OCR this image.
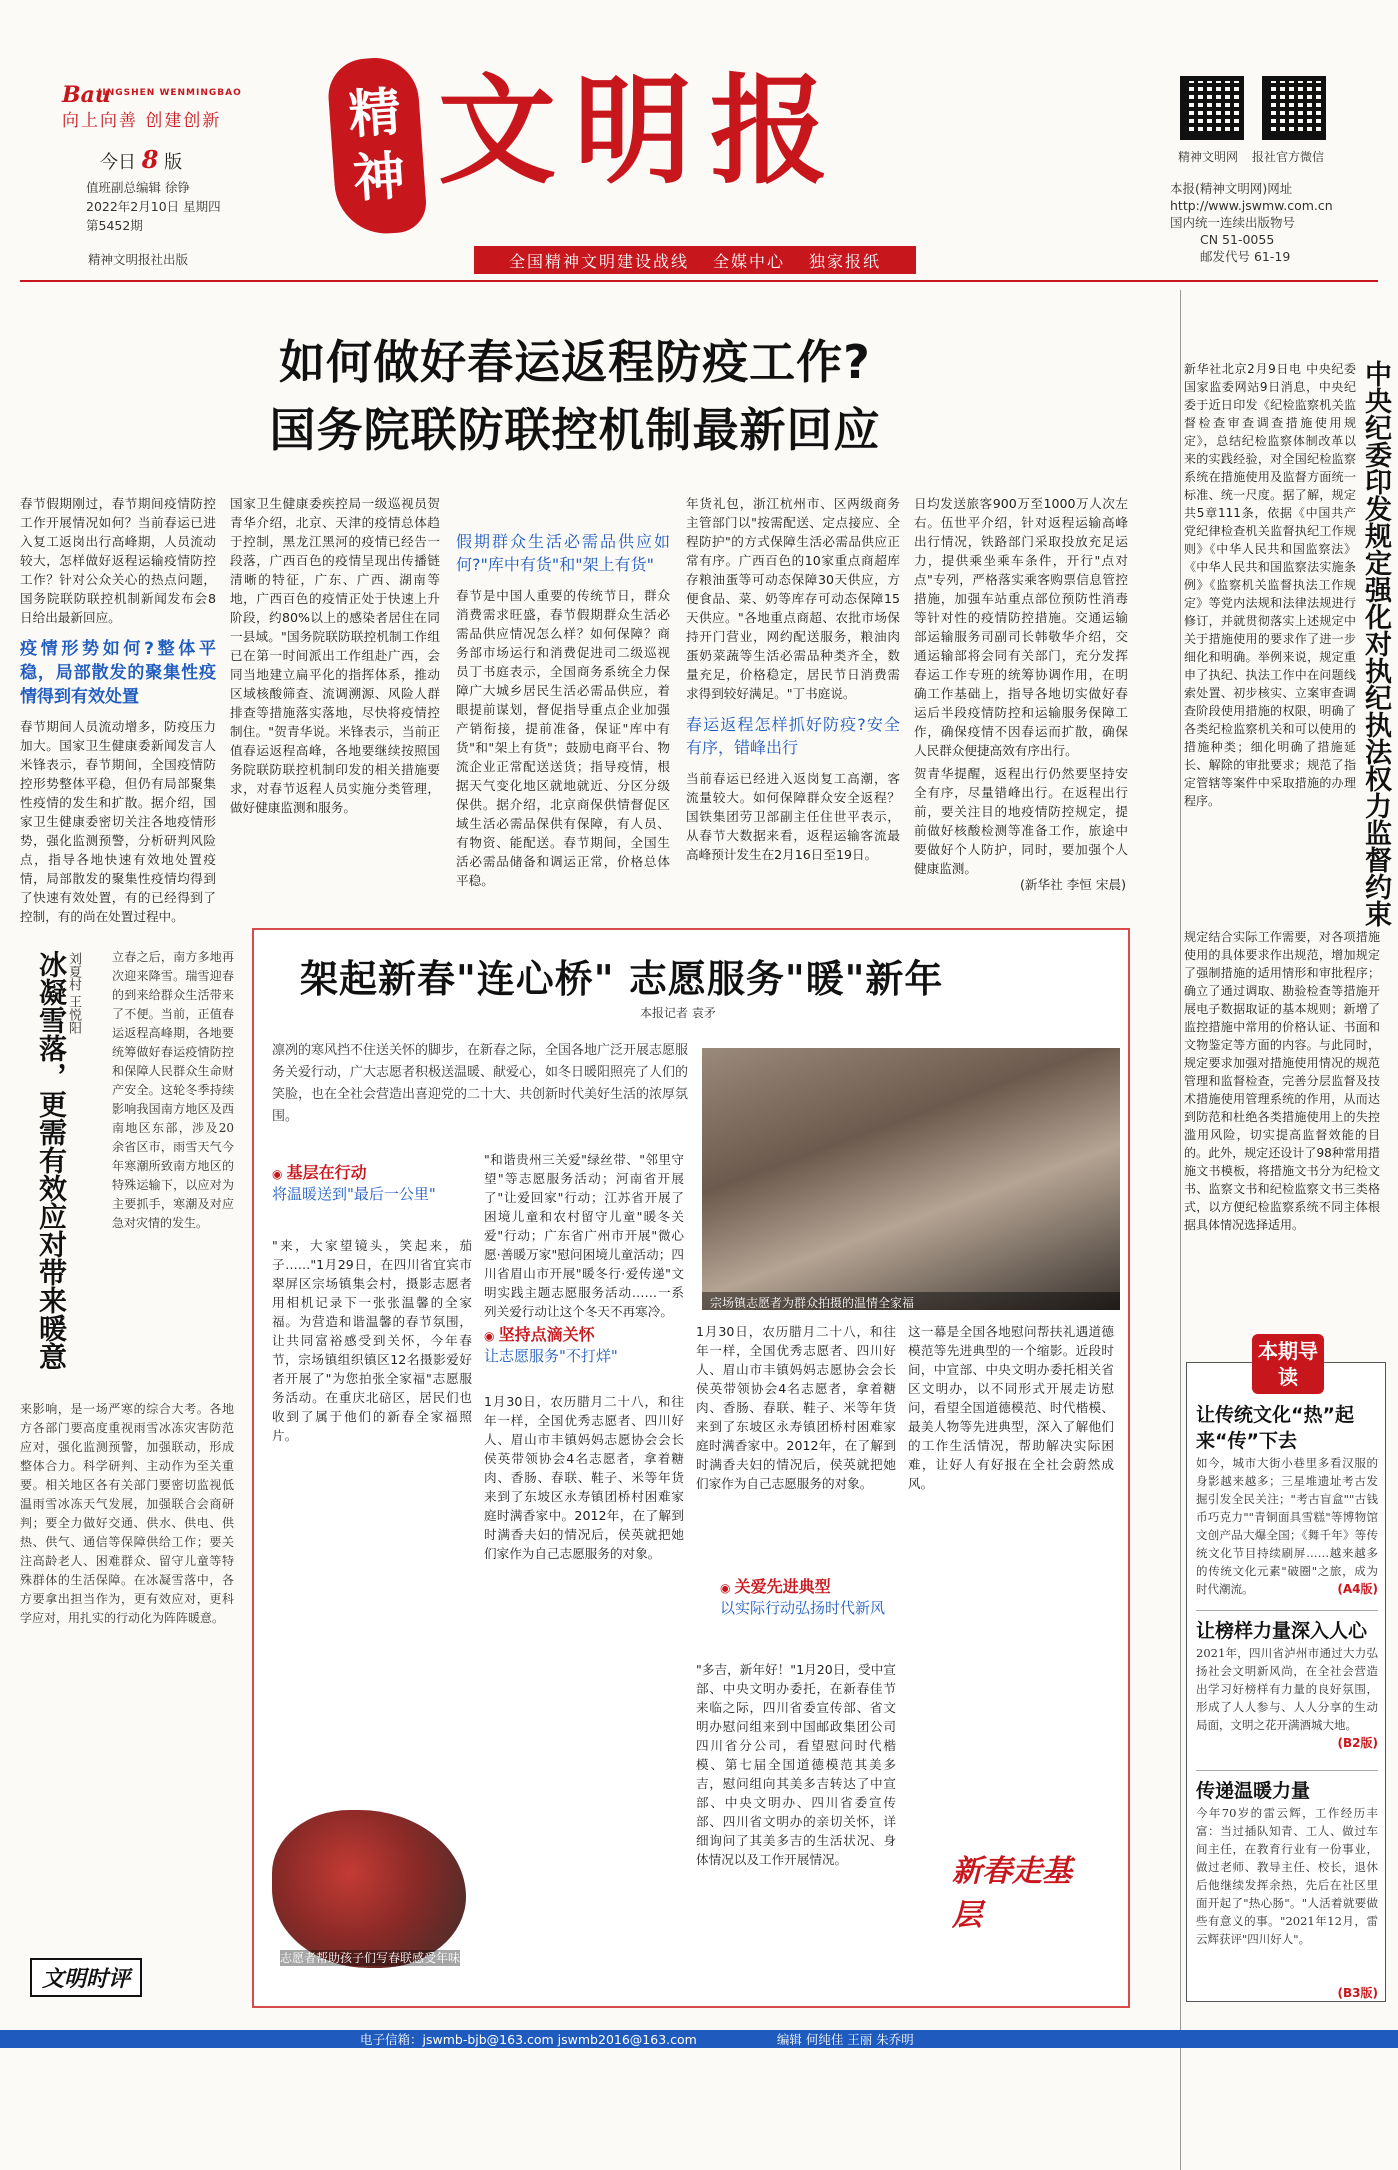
Bau
JINGSHEN WENMINGBAO
向上向善 创建创新
今日 8 版
值班副总编辑 徐铮
2022年2月10日 星期四
第5452期
精神文明报社出版
精
神 文明报
全国精神文明建设战线 全媒中心 独家报纸
精神文明网 报社官方微信
本报(精神文明网)网址
http://www.jswmw.com.cn
国内统一连续出版物号
CN 51-0055
邮发代号 61-19
如何做好春运返程防疫工作?
国务院联防联控机制最新回应

春节假期刚过，春节期间疫情防控工作开展情况如何？当前春运已进入复工返岗出行高峰期，人员流动较大，怎样做好返程运输疫情防控工作？针对公众关心的热点问题，国务院联防联控机制新闻发布会8日给出最新回应。

疫情形势如何?整体平稳，局部散发的聚集性疫情得到有效处置

春节期间人员流动增多，防疫压力加大。国家卫生健康委新闻发言人米锋表示，春节期间，全国疫情防控形势整体平稳，但仍有局部聚集性疫情的发生和扩散。据介绍，国家卫生健康委密切关注各地疫情形势，强化监测预警，分析研判风险点，指导各地快速有效地处置疫情，局部散发的聚集性疫情均得到了快速有效处置，有的已经得到了控制，有的尚在处置过程中。

国家卫生健康委疾控局一级巡视员贺青华介绍，北京、天津的疫情总体趋于控制，黑龙江黑河的疫情已经告一段落，广西百色的疫情呈现出传播链清晰的特征，广东、广西、湖南等地，广西百色的疫情正处于快速上升阶段，约80%以上的感染者居住在同一县域。"国务院联防联控机制工作组已在第一时间派出工作组赴广西，会同当地建立扁平化的指挥体系，推动区域核酸筛查、流调溯源、风险人群排查等措施落实落地，尽快将疫情控制住。"贺青华说。米锋表示，当前正值春运返程高峰，各地要继续按照国务院联防联控机制印发的相关措施要求，对春节返程人员实施分类管理，做好健康监测和服务。

假期群众生活必需品供应如何?"库中有货"和"架上有货"

春节是中国人重要的传统节日，群众消费需求旺盛，春节假期群众生活必需品供应情况怎么样？如何保障？商务部市场运行和消费促进司二级巡视员丁书庭表示，全国商务系统全力保障广大城乡居民生活必需品供应，着眼提前谋划，督促指导重点企业加强产销衔接，提前准备，保证"库中有货"和"架上有货"；鼓励电商平台、物流企业正常配送送货；指导疫情，根据天气变化地区就地就近、分区分级保供。据介绍，北京商保供情督促区域生活必需品保供有保障，有人员、有物资、能配送。春节期间，全国生活必需品储备和调运正常，价格总体平稳。

年货礼包，浙江杭州市、区两级商务主管部门以"按需配送、定点接应、全程防护"的方式保障生活必需品供应正常有序。广西百色的10家重点商超库存粮油蛋等可动态保障30天供应，方便食品、菜、奶等库存可动态保障15天供应。"各地重点商超、农批市场保持开门营业，网约配送服务，粮油肉蛋奶菜蔬等生活必需品种类齐全，数量充足，价格稳定，居民节日消费需求得到较好满足。"丁书庭说。

春运返程怎样抓好防疫?安全有序，错峰出行

当前春运已经进入返岗复工高潮，客流量较大。如何保障群众安全返程？国铁集团劳卫部副主任住世平表示，从春节大数据来看，返程运输客流最高峰预计发生在2月16日至19日。

日均发送旅客900万至1000万人次左右。伍世平介绍，针对返程运输高峰出行情况，铁路部门采取投放充足运力，提供乘坐乘车条件，开行"点对点"专列，严格落实乘客购票信息管控措施，加强车站重点部位预防性消毒等针对性的疫情防控措施。交通运输部运输服务司副司长韩敬华介绍，交通运输部将会同有关部门，充分发挥春运工作专班的统筹协调作用，在明确工作基础上，指导各地切实做好春运后半段疫情防控和运输服务保障工作，确保疫情不因春运而扩散，确保人民群众便捷高效有序出行。

贺青华提醒，返程出行仍然要坚持安全有序，尽量错峰出行。在返程出行前，要关注目的地疫情防控规定，提前做好核酸检测等准备工作，旅途中要做好个人防护，同时，要加强个人健康监测。

(新华社 李恒 宋晨)	中央纪委印发规定强化对执纪执法权力监督约束
新华社北京2月9日电 中央纪委国家监委网站9日消息，中央纪委于近日印发《纪检监察机关监督检查审查调查措施使用规定》，总结纪检监察体制改革以来的实践经验，对全国纪检监察系统在措施使用及监督方面统一标准、统一尺度。据了解，规定共5章111条，依据《中国共产党纪律检查机关监督执纪工作规则》《中华人民共和国监察法》《中华人民共和国监察法实施条例》《监察机关监督执法工作规定》等党内法规和法律法规进行修订，并就贯彻落实上述规定中关于措施使用的要求作了进一步细化和明确。举例来说，规定重申了执纪、执法工作中在问题线索处置、初步核实、立案审查调查阶段使用措施的权限，明确了各类纪检监察机关和可以使用的措施种类；细化明确了措施延长、解除的审批要求；规范了指定管辖等案件中采取措施的办理程序。
规定结合实际工作需要，对各项措施使用的具体要求作出规范，增加规定了强制措施的适用情形和审批程序；确立了通过调取、勘验检查等措施开展电子数据取证的基本规则；新增了监控措施中常用的价格认证、书面和文物鉴定等方面的内容。与此同时，规定要求加强对措施使用情况的规范管理和监督检查，完善分层监督及技术措施使用管理系统的作用，从而达到防范和杜绝各类措施使用上的失控滥用风险，切实提高监督效能的目的。此外，规定还设计了98种常用措施文书模板，将措施文书分为纪检文书、监察文书和纪检监察文书三类格式，以方便纪检监察系统不同主体根据具体情况选择适用。
冰凝雪落，更需有效应对带来暖意
刘夏村 王悦阳	立春之后，南方多地再次迎来降雪。瑞雪迎春的到来给群众生活带来了不便。当前，正值春运返程高峰期，各地要统筹做好春运疫情防控和保障人民群众生命财产安全。这轮冬季持续影响我国南方地区及西南地区东部，涉及20余省区市，雨雪天气今年寒潮所致南方地区的特殊运输下，以应对为主要抓手，寒潮及对应急对灾情的发生。
来影响，是一场严寒的综合大考。各地方各部门要高度重视雨雪冰冻灾害防范应对，强化监测预警，加强联动，形成整体合力。科学研判、主动作为至关重要。相关地区各有关部门要密切监视低温雨雪冰冻天气发展，加强联合会商研判；要全力做好交通、供水、供电、供热、供气、通信等保障供给工作；要关注高龄老人、困难群众、留守儿童等特殊群体的生活保障。在冰凝雪落中，各方要拿出担当作为，更有效应对，更科学应对，用扎实的行动化为阵阵暖意。
文明时评
架起新春"连心桥" 志愿服务"暖"新年
本报记者 袁矛
凛冽的寒风挡不住送关怀的脚步，在新春之际，全国各地广泛开展志愿服务关爱行动，广大志愿者积极送温暖、献爱心，如冬日暖阳照亮了人们的笑脸，也在全社会营造出喜迎党的二十大、共创新时代美好生活的浓厚氛围。
宗场镇志愿者为群众拍摄的温情全家福
◉ 基层在行动
将温暖送到"最后一公里"
"来，大家望镜头，笑起来，茄子……"1月29日，在四川省宜宾市翠屏区宗场镇集会村，摄影志愿者用相机记录下一张张温馨的全家福。为营造和谐温馨的春节氛围，让共同富裕感受到关怀，今年春节，宗场镇组织镇区12名摄影爱好者开展了"为您拍张全家福"志愿服务活动。在重庆北碚区，居民们也收到了属于他们的新春全家福照片。
志愿者帮助孩子们写春联感受年味
"和谐贵州三关爱"绿丝带、"邻里守望"等志愿服务活动；河南省开展了"让爱回家"行动；江苏省开展了困境儿童和农村留守儿童"暖冬关爱"行动；广东省广州市开展"微心愿·善暖万家"慰问困境儿童活动；四川省眉山市开展"暖冬行·爱传递"文明实践主题志愿服务活动……一系列关爱行动让这个冬天不再寒冷。
◉ 坚持点滴关怀
让志愿服务"不打烊"
1月30日，农历腊月二十八，和往年一样，全国优秀志愿者、四川好人、眉山市丰镇妈妈志愿协会会长侯英带领协会4名志愿者，拿着糖肉、香肠、春联、鞋子、米等年货来到了东坡区永寿镇团桥村困难家庭时满香家中。2012年，在了解到时满香夫妇的情况后，侯英就把她们家作为自己志愿服务的对象。
1月30日，农历腊月二十八，和往年一样，全国优秀志愿者、四川好人、眉山市丰镇妈妈志愿协会会长侯英带领协会4名志愿者，拿着糖肉、香肠、春联、鞋子、米等年货来到了东坡区永寿镇团桥村困难家庭时满香家中。2012年，在了解到时满香夫妇的情况后，侯英就把她们家作为自己志愿服务的对象。
◉ 关爱先进典型
以实际行动弘扬时代新风
"多吉，新年好！"1月20日，受中宣部、中央文明办委托，在新春佳节来临之际，四川省委宣传部、省文明办慰问组来到中国邮政集团公司四川省分公司，看望慰问时代楷模、第七届全国道德模范其美多吉，慰问组向其美多吉转达了中宣部、中央文明办、四川省委宣传部、四川省文明办的亲切关怀，详细询问了其美多吉的生活状况、身体情况以及工作开展情况。
这一幕是全国各地慰问帮扶礼遇道德模范等先进典型的一个缩影。近段时间，中宣部、中央文明办委托相关省区文明办，以不同形式开展走访慰问，看望全国道德模范、时代楷模、最美人物等先进典型，深入了解他们的工作生活情况，帮助解决实际困难，让好人有好报在全社会蔚然成风。
新春走基层
本期导读
让传统文化“热”起来“传”下去
如今，城市大街小巷里多看汉服的身影越来越多；三星堆遗址考古发掘引发全民关注；"考古盲盒""古钱币巧克力""青铜面具雪糕"等博物馆文创产品大爆全国；《舞千年》等传统文化节目持续刷屏……越来越多的传统文化元素"破圈"之旅，成为时代潮流。	(A4版)
让榜样力量深入人心
2021年，四川省泸州市通过大力弘扬社会文明新风尚，在全社会营造出学习好榜样有力量的良好氛围，形成了人人参与、人人分享的生动局面，文明之花开满酒城大地。
(B2版)
传递温暖力量
今年70岁的雷云辉，工作经历丰富：当过插队知青、工人、做过车间主任，在教育行业有一份事业，做过老师、教导主任、校长，退休后他继续发挥余热，先后在社区里面开起了"热心肠"。"人活着就要做些有意义的事。"2021年12月，雷云辉获评"四川好人"。
(B3版)
电子信箱：jswmb-bjb@163.com jswmb2016@163.com	编辑 何纯佳 王丽 朱乔明
